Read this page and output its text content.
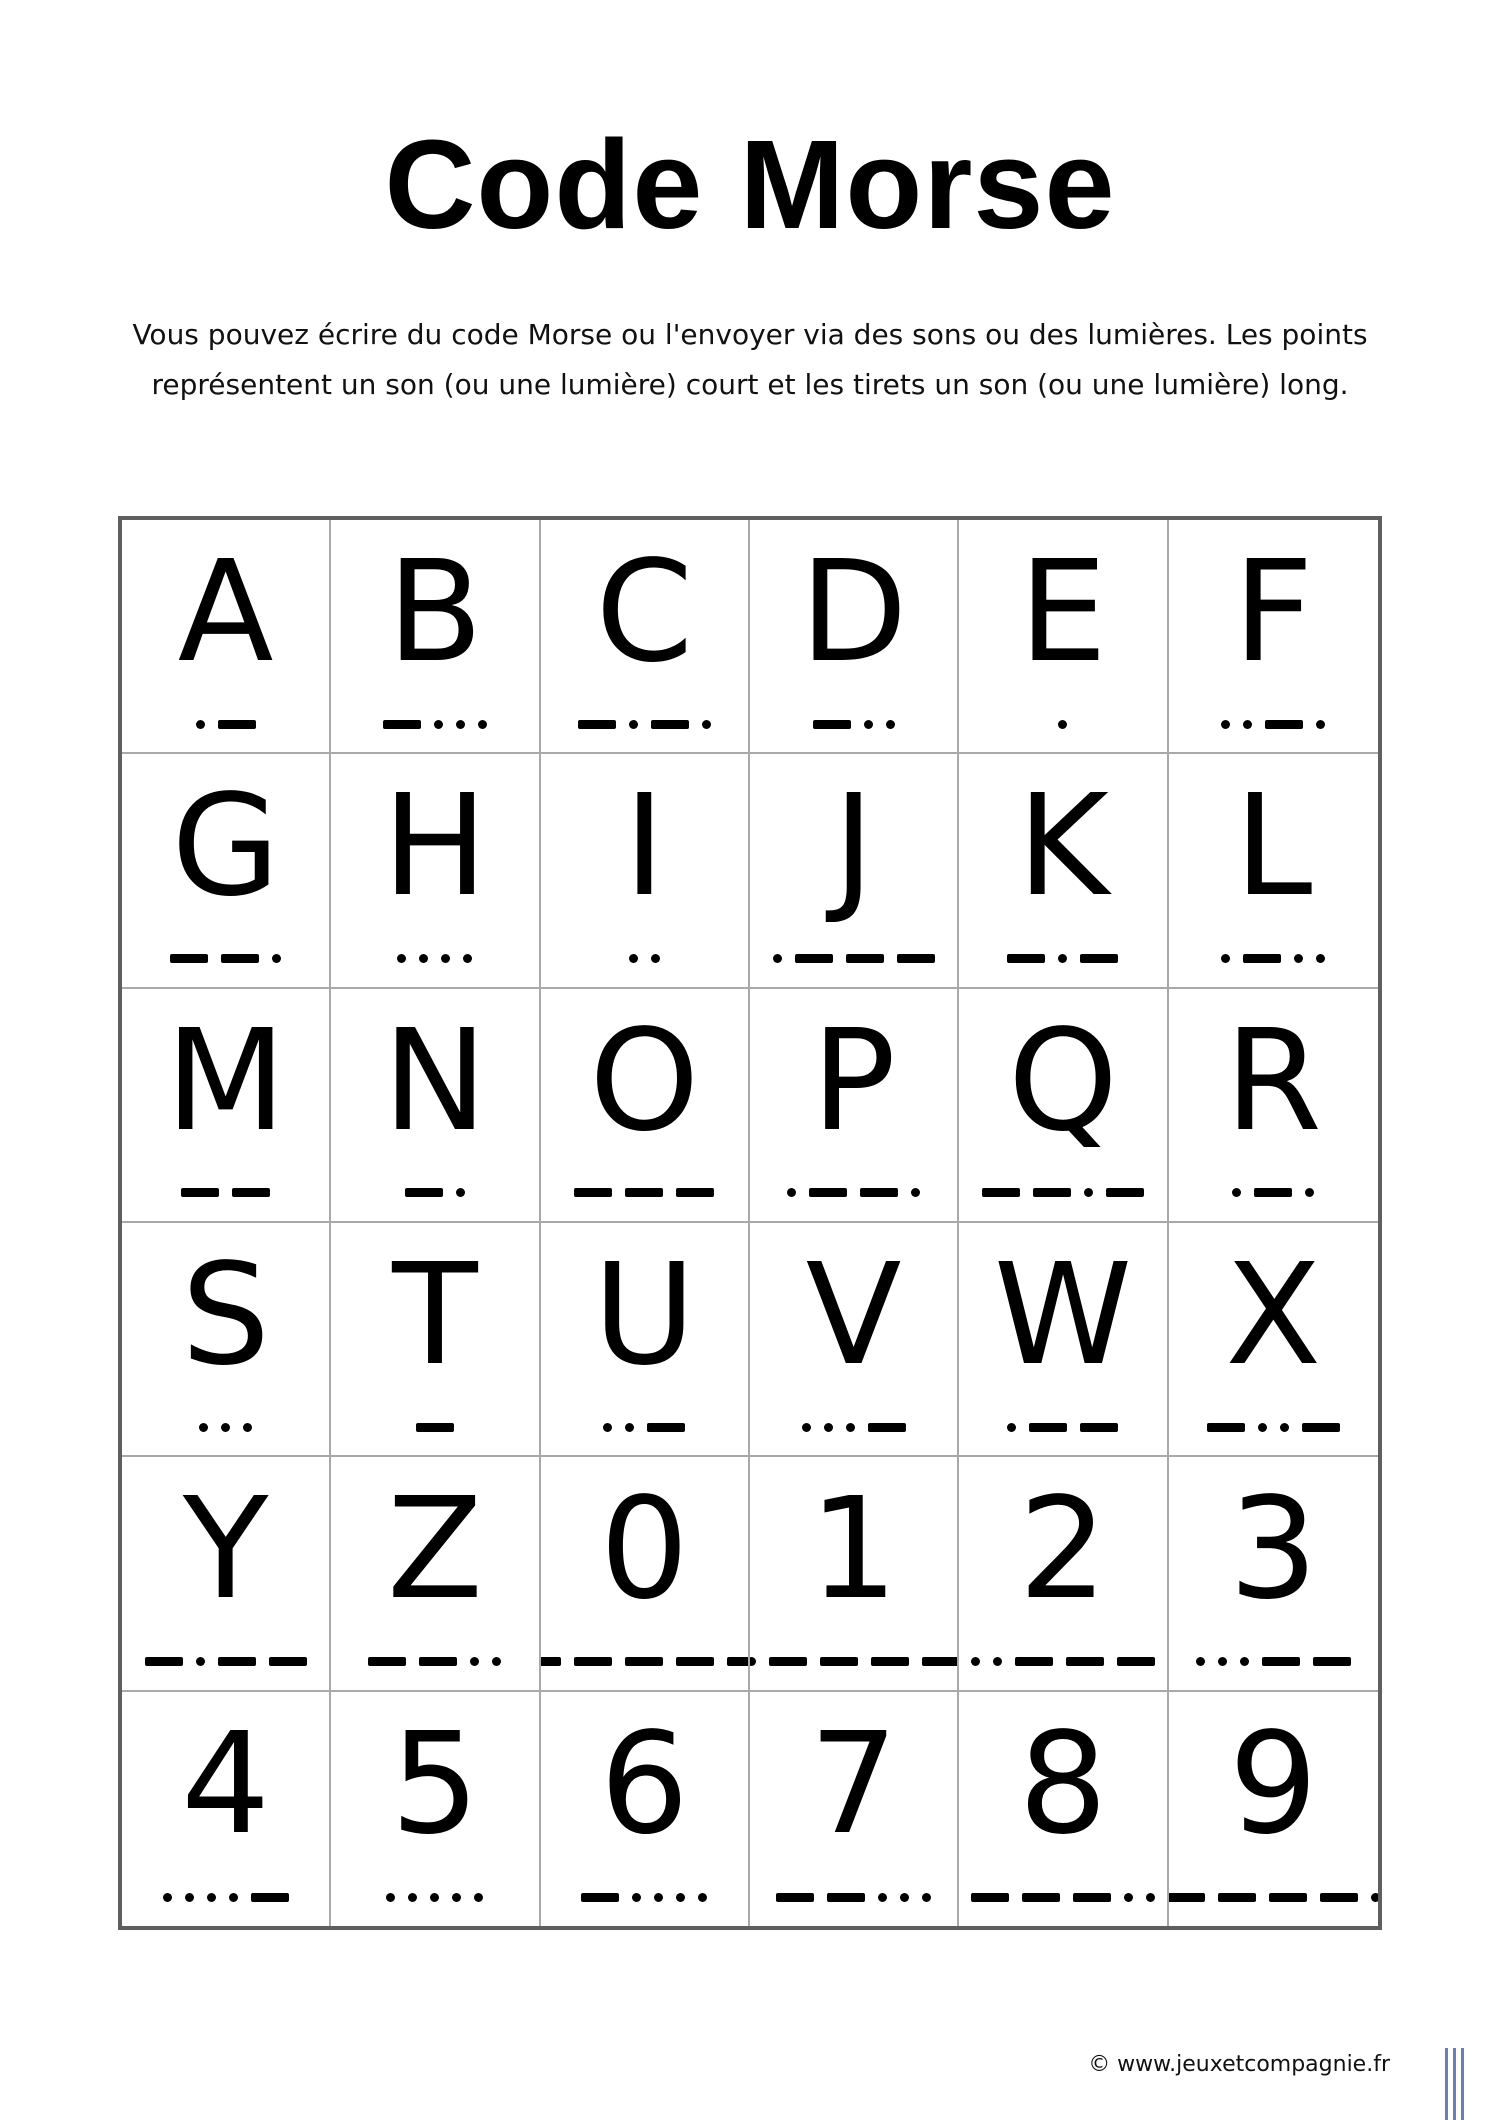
Code Morse
Vous pouvez écrire du code Morse ou l'envoyer via des sons ou des lumières. Les points représentent un son (ou une lumière) court et les tirets un son (ou une lumière) long.
A B C D E F
G H I	J	K L
M N O P Q R
S T U V W X
Y Z 0 1 2 3
4 5 6 7 8 9
© www.jeuxetcompagnie.fr
